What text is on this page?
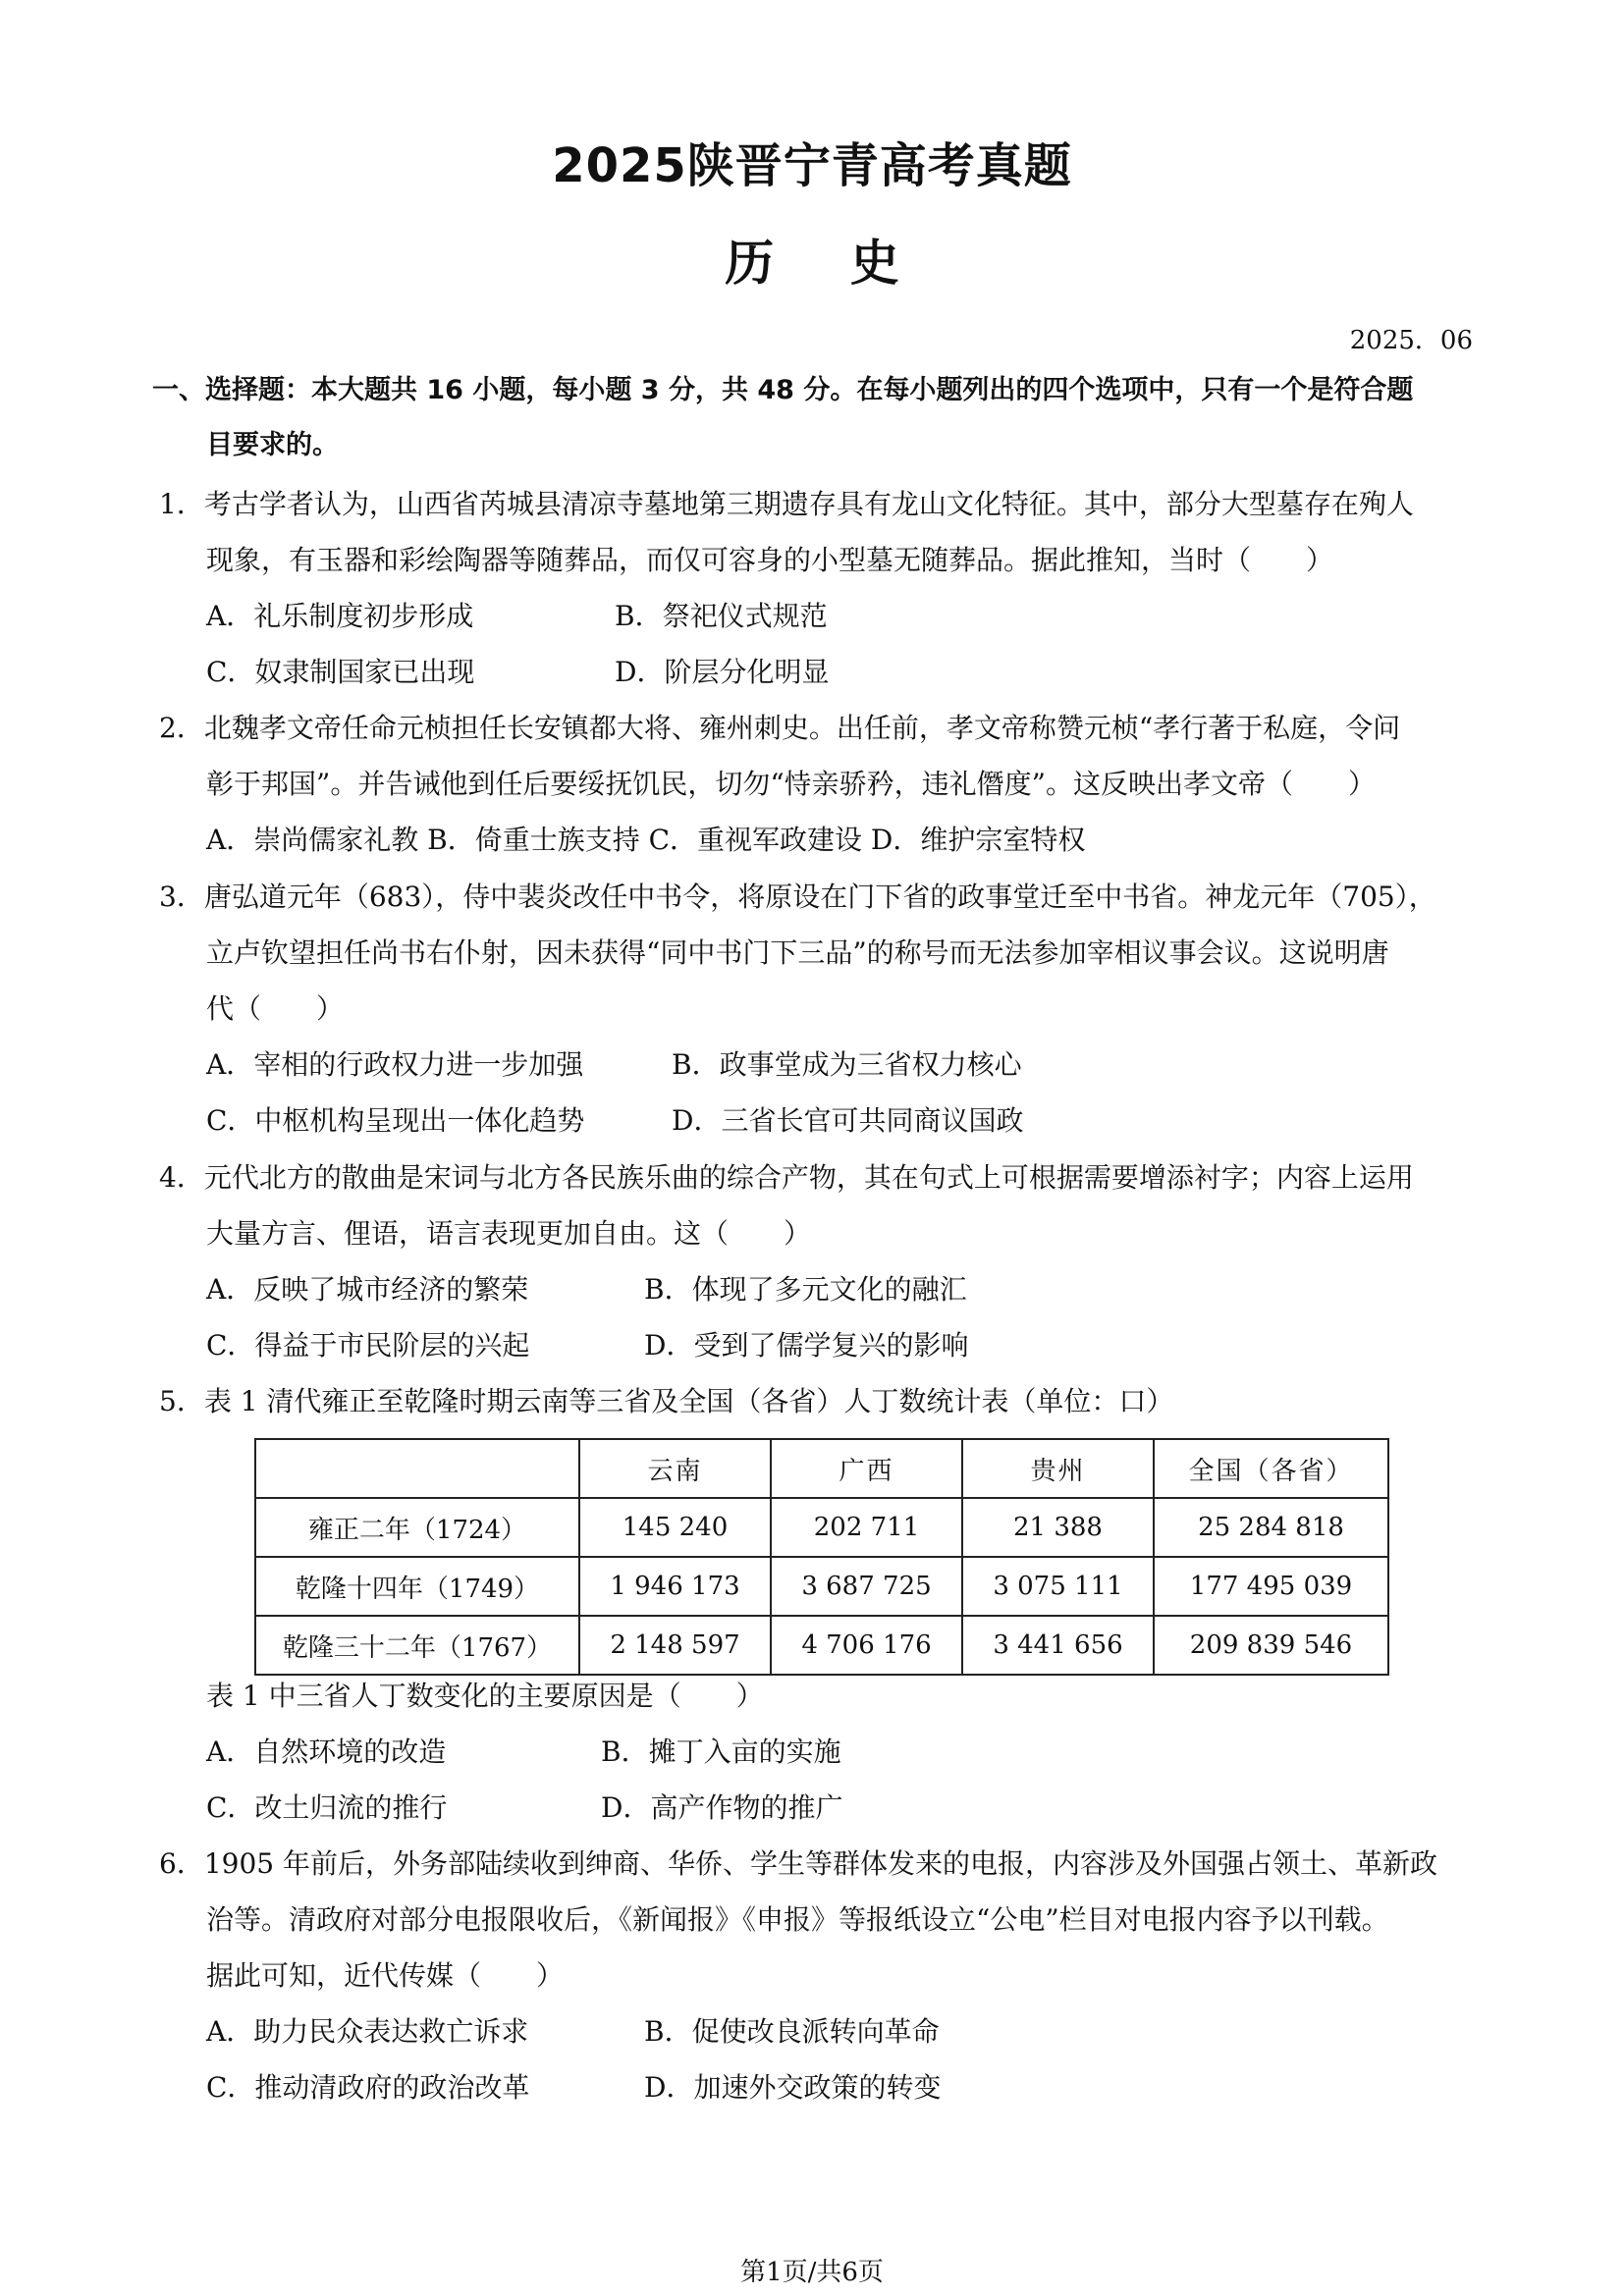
2025陕晋宁青高考真题
历 史
2025．06
一、选择题：本大题共 16 小题，每小题 3 分，共 48 分。在每小题列出的四个选项中，只有一个是符合题
目要求的。
1．考古学者认为，山西省芮城县清凉寺墓地第三期遗存具有龙山文化特征。其中，部分大型墓存在殉人
现象，有玉器和彩绘陶器等随葬品，而仅可容身的小型墓无随葬品。据此推知，当时（　　）
A．礼乐制度初步形成	B．祭祀仪式规范
C．奴隶制国家已出现	D．阶层分化明显
2．北魏孝文帝任命元桢担任长安镇都大将、雍州刺史。出任前，孝文帝称赞元桢“孝行著于私庭，令问
彰于邦国”。并告诫他到任后要绥抚饥民，切勿“恃亲骄矜，违礼僭度”。这反映出孝文帝（　　）
A．崇尚儒家礼教 B．倚重士族支持 C．重视军政建设 D．维护宗室特权
3．唐弘道元年（683），侍中裴炎改任中书令，将原设在门下省的政事堂迁至中书省。神龙元年（705），
立卢钦望担任尚书右仆射，因未获得“同中书门下三品”的称号而无法参加宰相议事会议。这说明唐
代（　　）
A．宰相的行政权力进一步加强	B．政事堂成为三省权力核心
C．中枢机构呈现出一体化趋势	D．三省长官可共同商议国政
4．元代北方的散曲是宋词与北方各民族乐曲的综合产物，其在句式上可根据需要增添衬字；内容上运用
大量方言、俚语，语言表现更加自由。这（　　）
A．反映了城市经济的繁荣	B．体现了多元文化的融汇
C．得益于市民阶层的兴起	D．受到了儒学复兴的影响
5．表 1 清代雍正至乾隆时期云南等三省及全国（各省）人丁数统计表（单位：口）
	云南	广西	贵州	全国（各省）
雍正二年（1724）	145 240	202 711	21 388	25 284 818
乾隆十四年（1749）	1 946 173	3 687 725	3 075 111	177 495 039
乾隆三十二年（1767）	2 148 597	4 706 176	3 441 656	209 839 546
表 1 中三省人丁数变化的主要原因是（　　）
A．自然环境的改造	B．摊丁入亩的实施
C．改土归流的推行	D．高产作物的推广
6．1905 年前后，外务部陆续收到绅商、华侨、学生等群体发来的电报，内容涉及外国强占领土、革新政
治等。清政府对部分电报限收后，《新闻报》《申报》等报纸设立“公电”栏目对电报内容予以刊载。
据此可知，近代传媒（　　）
A．助力民众表达救亡诉求	B．促使改良派转向革命
C．推动清政府的政治改革	D．加速外交政策的转变
第1页/共6页
